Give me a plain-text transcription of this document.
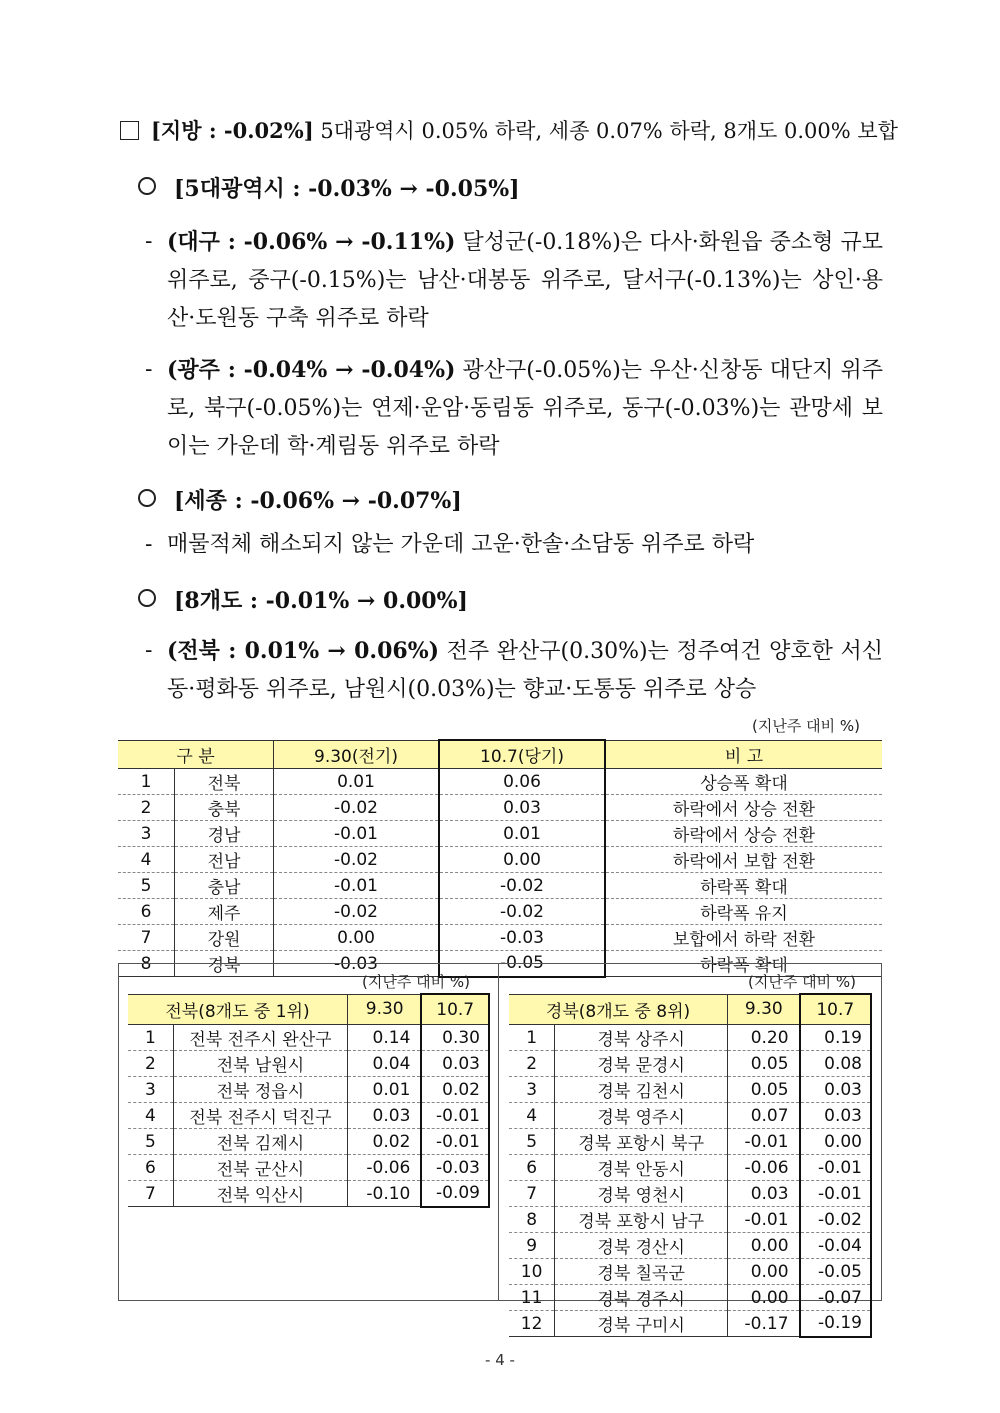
[지방 : -0.02%] 5대광역시 0.05% 하락, 세종 0.07% 하락, 8개도 0.00% 보합
[5대광역시 : -0.03% → -0.05%]
- (대구 : -0.06% → -0.11%) 달성군(-0.18%)은 다사·화원읍 중소형 규모 위주로, 중구(-0.15%)는 남산·대봉동 위주로, 달서구(-0.13%)는 상인·용산·도원동 구축 위주로 하락
- (광주 : -0.04% → -0.04%) 광산구(-0.05%)는 우산·신창동 대단지 위주로, 북구(-0.05%)는 연제·운암·동림동 위주로, 동구(-0.03%)는 관망세 보이는 가운데 학·계림동 위주로 하락
[세종 : -0.06% → -0.07%]
- 매물적체 해소되지 않는 가운데 고운·한솔·소담동 위주로 하락
[8개도 : -0.01% → 0.00%]
- (전북 : 0.01% → 0.06%) 전주 완산구(0.30%)는 정주여건 양호한 서신동·평화동 위주로, 남원시(0.03%)는 향교·도통동 위주로 상승
(지난주 대비 %)
구 분		9.30(전기)	10.7(당기)	비 고
1	전북	0.01	0.06	상승폭 확대
2	충북	-0.02	0.03	하락에서 상승 전환
3	경남	-0.01	0.01	하락에서 상승 전환
4	전남	-0.02	0.00	하락에서 보합 전환
5	충남	-0.01	-0.02	하락폭 확대
6	제주	-0.02	-0.02	하락폭 유지
7	강원	0.00	-0.03	보합에서 하락 전환
8	경북	-0.03	-0.05	하락폭 확대
(지난주 대비 %)
전북(8개도 중 1위)		9.30	10.7
1	전북 전주시 완산구	0.14	0.30
2	전북 남원시	0.04	0.03
3	전북 정읍시	0.01	0.02
4	전북 전주시 덕진구	0.03	-0.01
5	전북 김제시	0.02	-0.01
6	전북 군산시	-0.06	-0.03
7	전북 익산시	-0.10	-0.09
(지난주 대비 %)
경북(8개도 중 8위)		9.30	10.7
1	경북 상주시	0.20	0.19
2	경북 문경시	0.05	0.08
3	경북 김천시	0.05	0.03
4	경북 영주시	0.07	0.03
5	경북 포항시 북구	-0.01	0.00
6	경북 안동시	-0.06	-0.01
7	경북 영천시	0.03	-0.01
8	경북 포항시 남구	-0.01	-0.02
9	경북 경산시	0.00	-0.04
10	경북 칠곡군	0.00	-0.05
11	경북 경주시	0.00	-0.07
12	경북 구미시	-0.17	-0.19
- 4 -
